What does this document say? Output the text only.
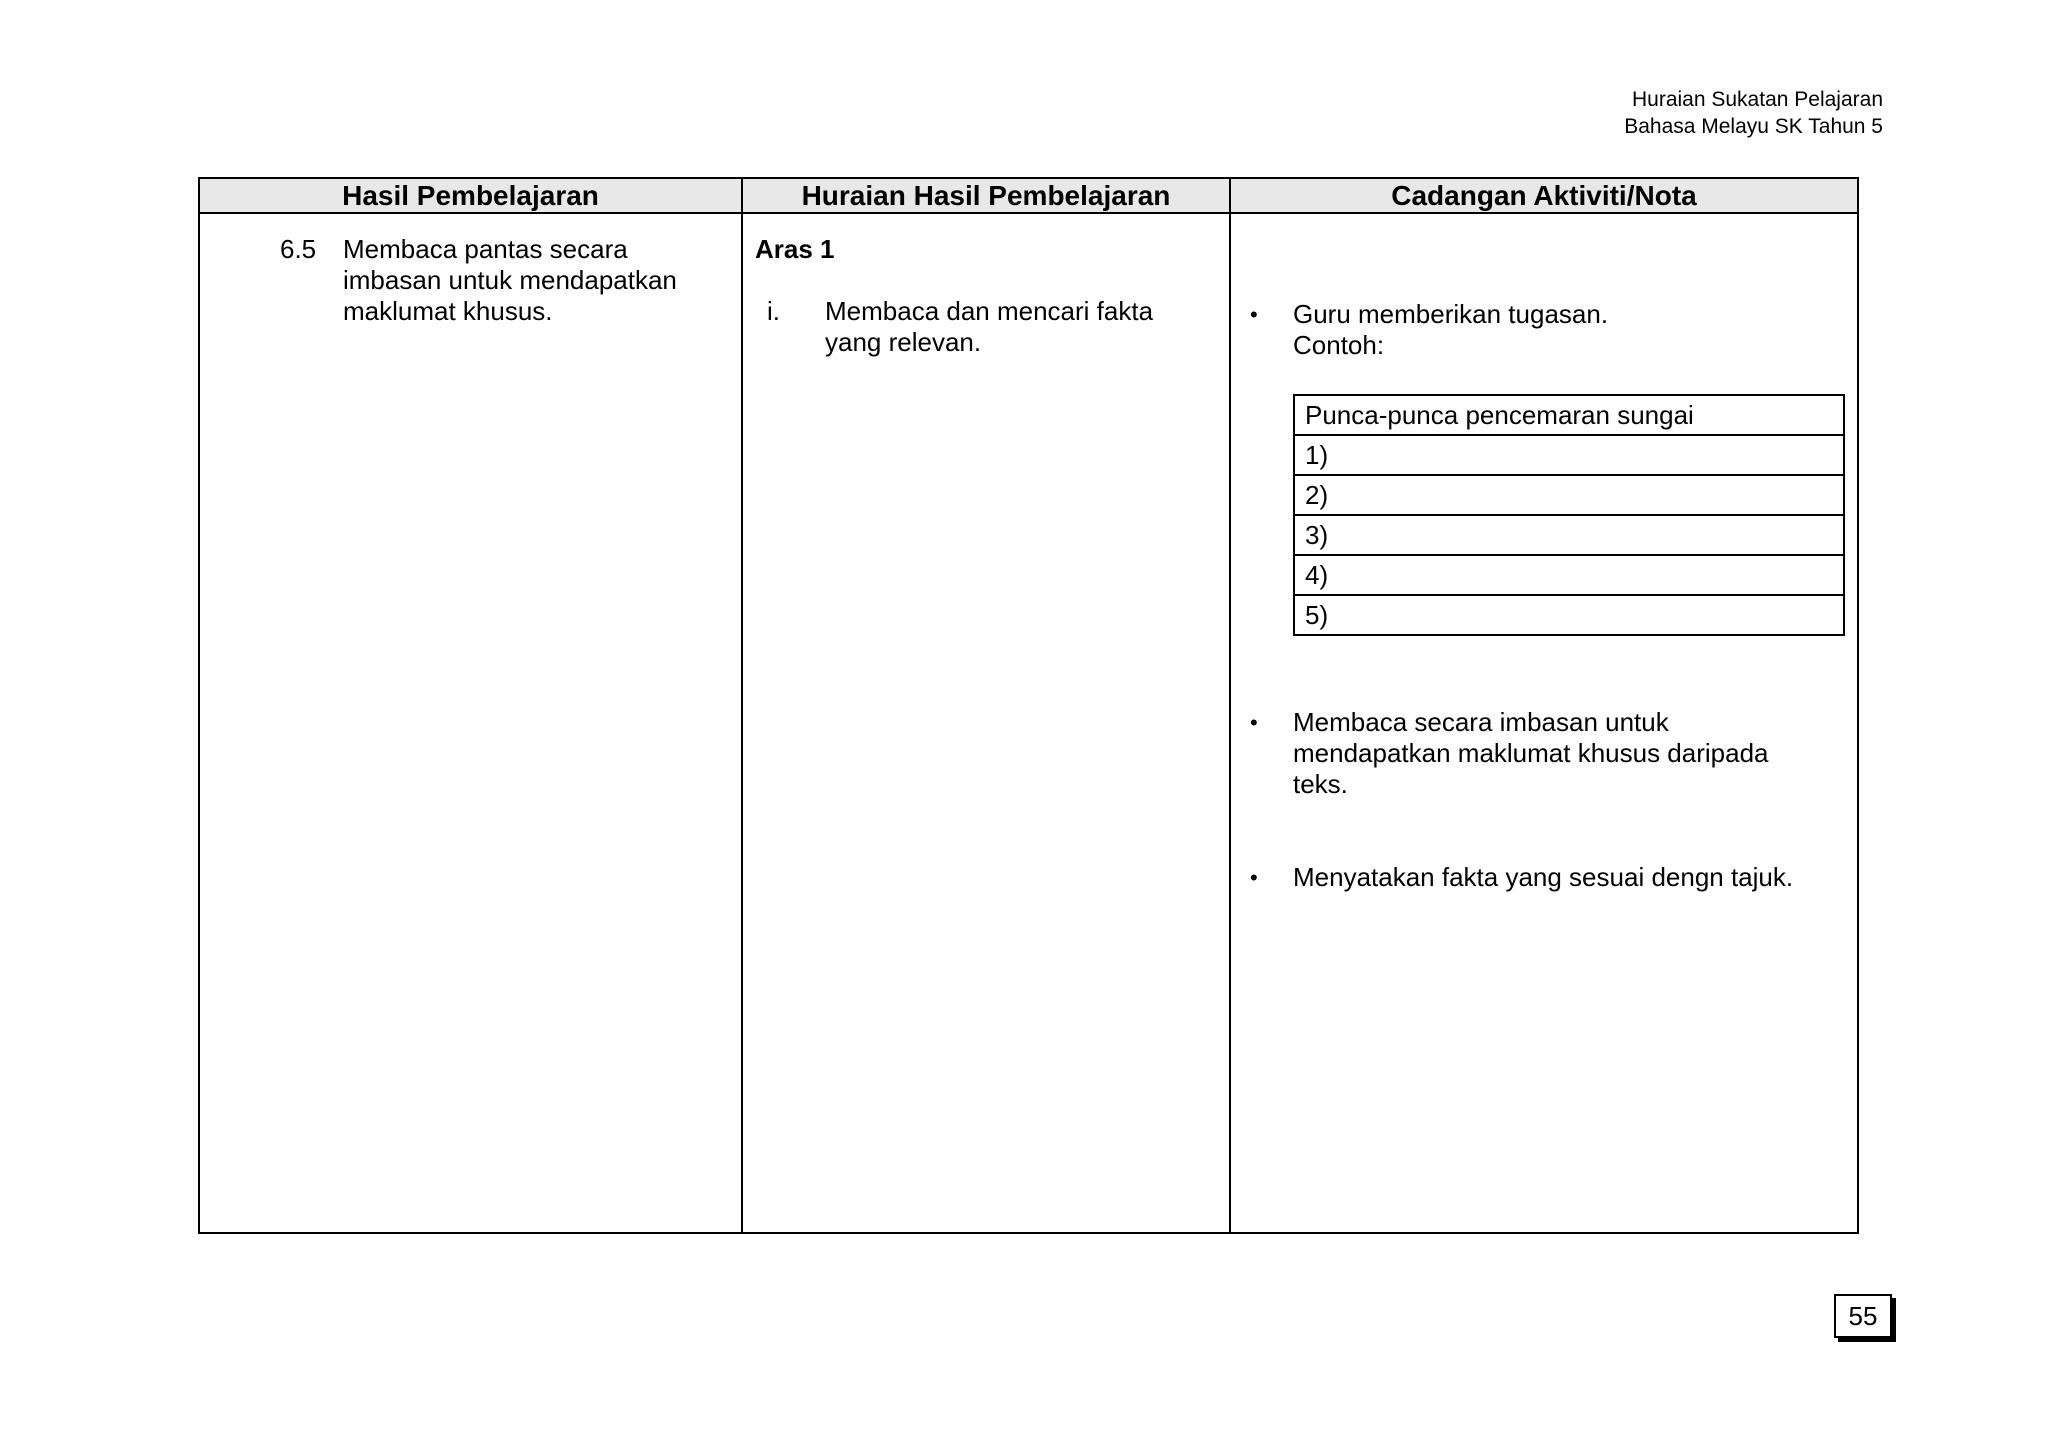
Huraian Sukatan Pelajaran
Bahasa Melayu SK Tahun 5
Hasil Pembelajaran	Huraian Hasil Pembelajaran	Cadangan Aktiviti/Nota
6.5 Membaca pantas secara
imbasan untuk mendapatkan
maklumat khusus.
Aras 1
i. Membaca dan mencari fakta
yang relevan.
• Guru memberikan tugasan.
Contoh:
Punca-punca pencemaran sungai
1)
2)
3)
4)
5)
• Membaca secara imbasan untuk
mendapatkan maklumat khusus daripada
teks.
• Menyatakan fakta yang sesuai dengn tajuk.
55
